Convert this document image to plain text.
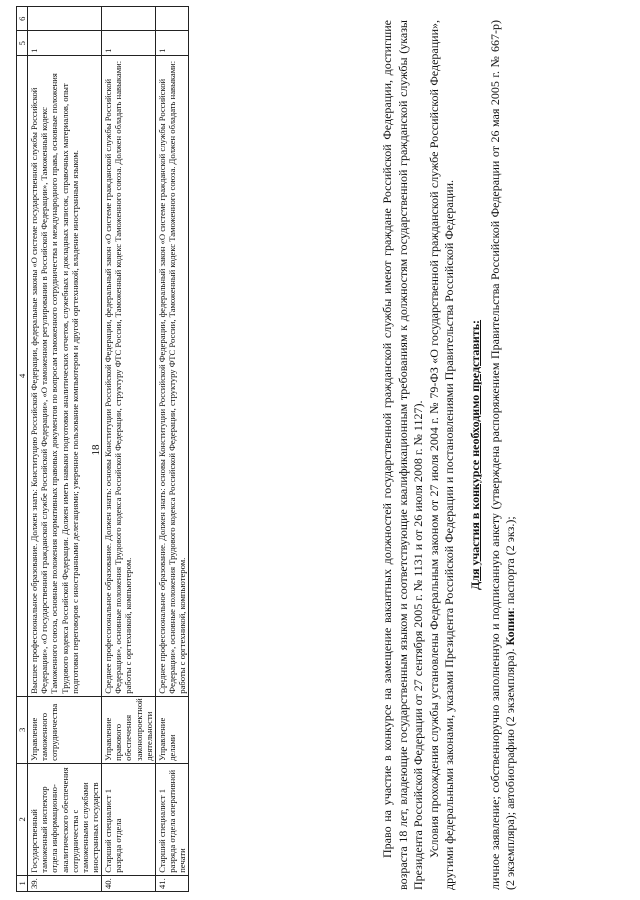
18
1	2	3	4	5	6
39.	Государственный таможенный инспектор отдела информационно-аналитического обеспечения сотрудничества с таможенными службами иностранных государств	Управление таможенного сотрудничества	Высшее профессиональное образование. Должен знать: Конституцию Российской Федерации, федеральные законы «О системе государственной службы Российской Федерации», «О государственной гражданской службе Российской Федерации», «О таможенном регулировании в Российской Федерации», Таможенный кодекс Таможенного союза, основные положения нормативных правовых документов по вопросам таможенного сотрудничества и международного права, основные положения Трудового кодекса Российской Федерации. Должен иметь навыки подготовки аналитических отчетов, служебных и докладных записок, справочных материалов, опыт подготовки переговоров с иностранными делегациями; уверенное пользование компьютером и другой оргтехникой, владение иностранным языком.	1	
40.	Старший специалист 1 разряда отдела	Управление правового обеспечения законопроектной деятельности	Среднее профессиональное образование. Должен знать: основы Конституции Российской Федерации, федеральный закон «О системе гражданской службы Российской Федерации», основные положения Трудового кодекса Российской Федерации, структуру ФТС России, Таможенный кодекс Таможенного союза. Должен обладать навыками: работы с оргтехникой, компьютером.	1	
41.	Старший специалист 1 разряда отдела оперативной печати	Управление делами	Среднее профессиональное образование. Должен знать: основы Конституции Российской Федерации, федеральный закон «О системе гражданской службы Российской Федерации», основные положения Трудового кодекса Российской Федерации, структуру ФТС России, Таможенный кодекс Таможенного союза. Должен обладать навыками: работы с оргтехникой, компьютером.	1		Право на участие в конкурсе на замещение вакантных должностей государственной гражданской службы имеют граждане Российской Федерации, достигшие возраста 18 лет, владеющие государственным языком и соответствующие квалификационным требованиям к должностям государственной гражданской службы (указы Президента Российской Федерации от 27 сентября 2005 г. № 1131 и от 26 июля 2008 г. № 1127). Условия прохождения службы установлены Федеральным законом от 27 июля 2004 г. № 79-ФЗ «О государственной гражданской службе Российской Федерации», другими федеральными законами, указами Президента Российской Федерации и постановлениями Правительства Российской Федерации. Для участия в конкурсе необходимо представить: личное заявление; собственноручно заполненную и подписанную анкету (утверждена распоряжением Правительства Российской Федерации от 26 мая 2005 г. № 667-р) (2 экземпляра); автобиографию (2 экземпляра). Копии: паспорта (2 экз.);
